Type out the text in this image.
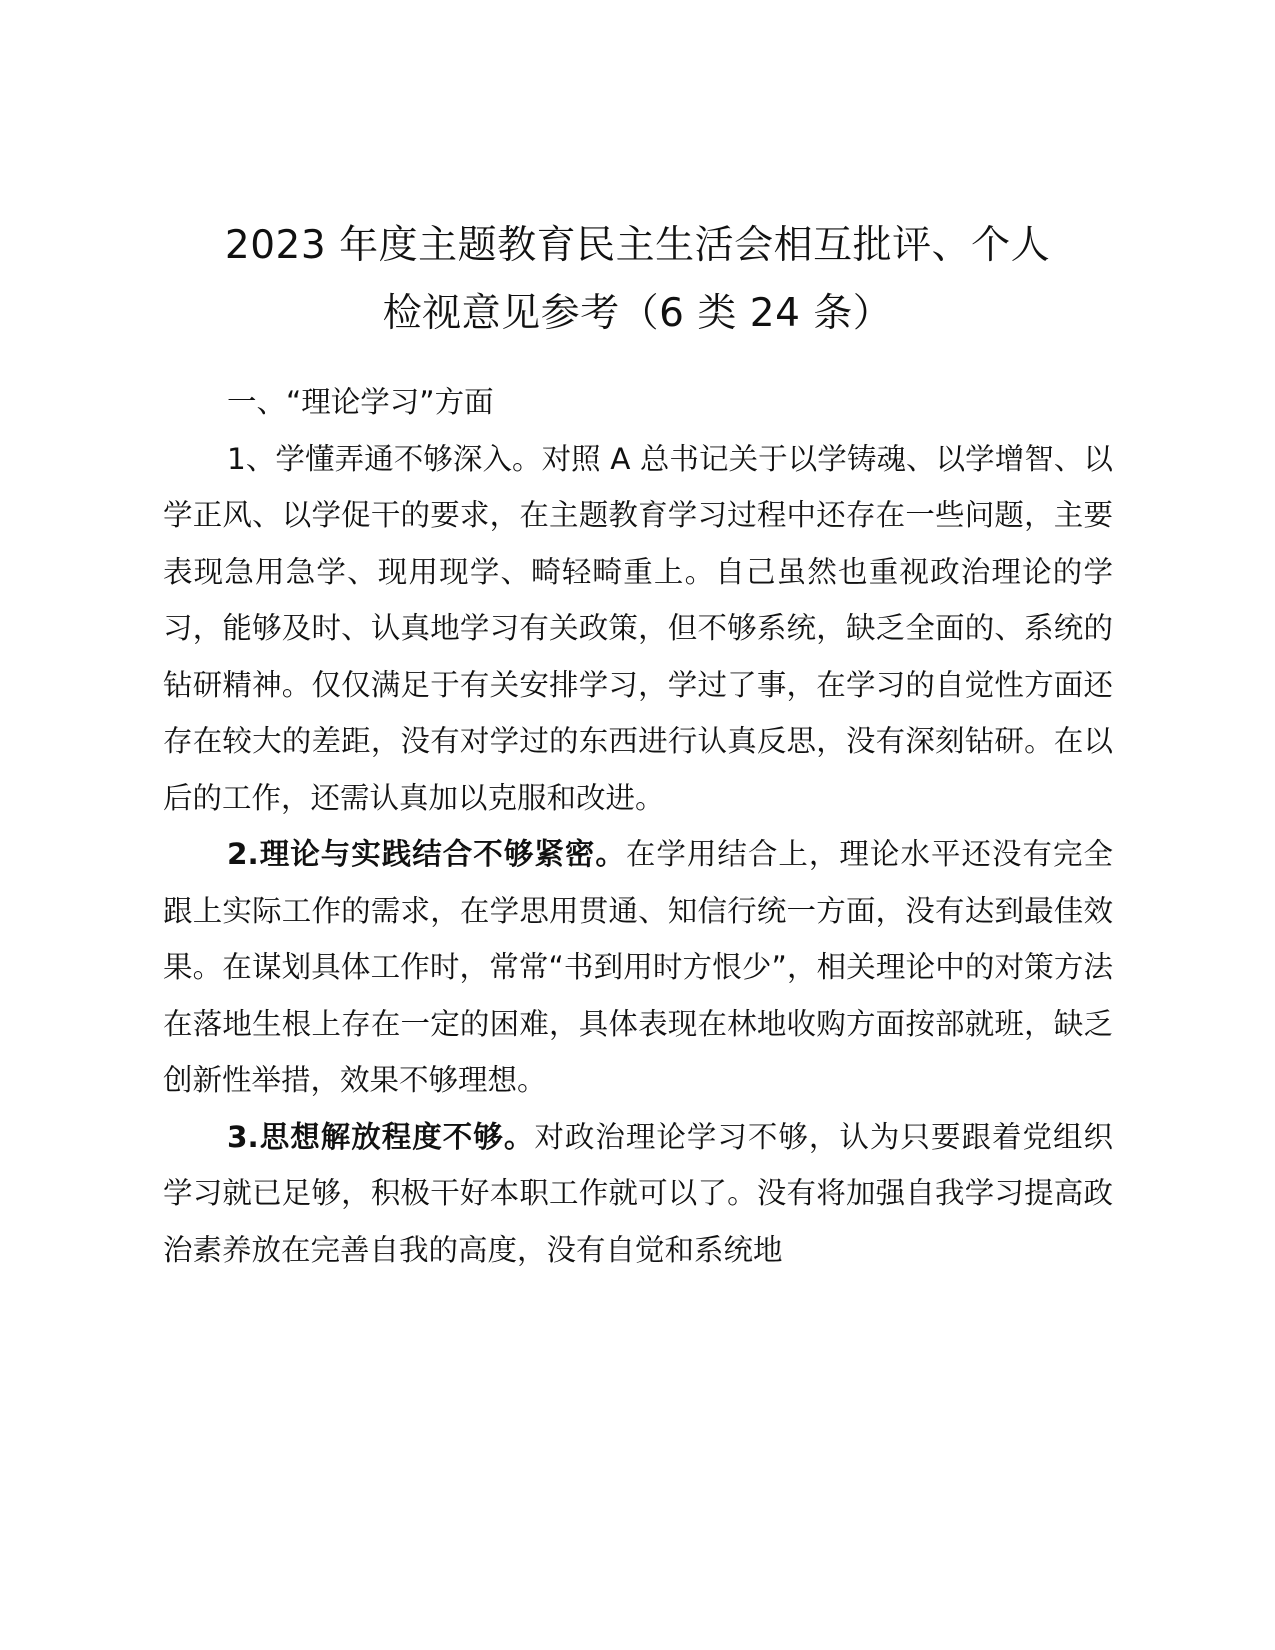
2023 年度主题教育民主生活会相互批评、个人
检视意见参考（6 类 24 条）

一、“理论学习”方面

1、学懂弄通不够深入。对照 A 总书记关于以学铸魂、以学增智、以学正风、以学促干的要求，在主题教育学习过程中还存在一些问题，主要表现急用急学、现用现学、畸轻畸重上。自己虽然也重视政治理论的学习，能够及时、认真地学习有关政策，但不够系统，缺乏全面的、系统的钻研精神。仅仅满足于有关安排学习，学过了事，在学习的自觉性方面还存在较大的差距，没有对学过的东西进行认真反思，没有深刻钻研。在以后的工作，还需认真加以克服和改进。

2.理论与实践结合不够紧密。在学用结合上，理论水平还没有完全跟上实际工作的需求，在学思用贯通、知信行统一方面，没有达到最佳效果。在谋划具体工作时，常常“书到用时方恨少”，相关理论中的对策方法在落地生根上存在一定的困难，具体表现在林地收购方面按部就班，缺乏创新性举措，效果不够理想。

3.思想解放程度不够。对政治理论学习不够，认为只要跟着党组织学习就已足够，积极干好本职工作就可以了。没有将加强自我学习提高政治素养放在完善自我的高度，没有自觉和系统地
